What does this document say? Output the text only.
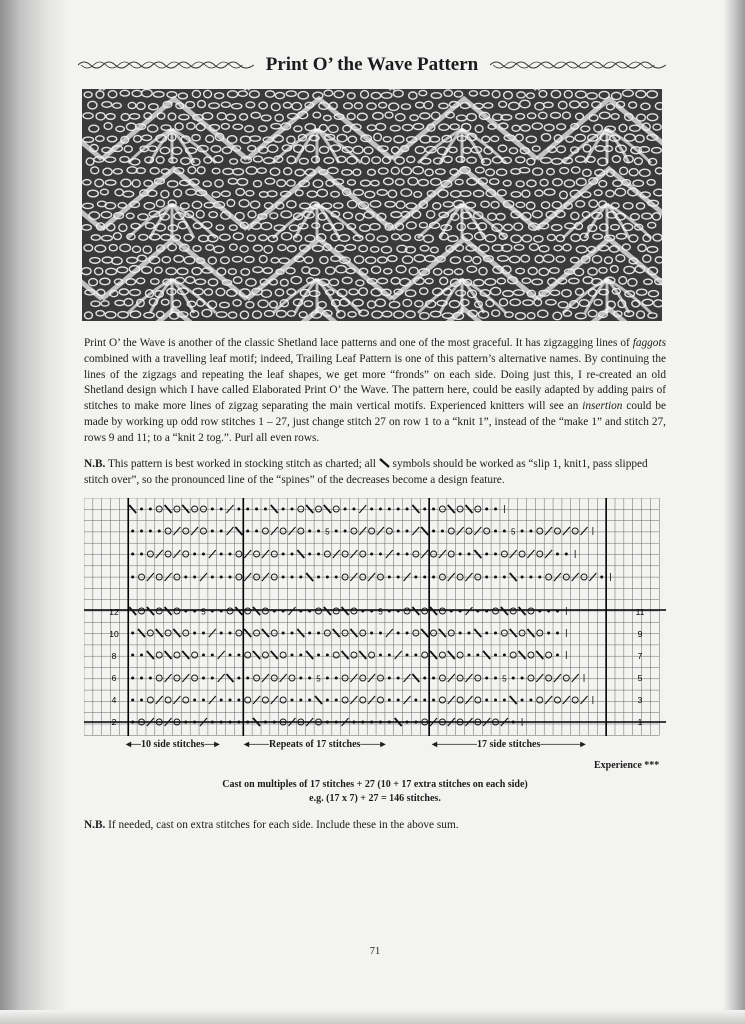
Print O’ the Wave Pattern
Print O’ the Wave is another of the classic Shetland lace patterns and one of the most graceful. It has zigzagging lines of faggots combined with a travelling leaf motif; indeed, Trailing Leaf Pattern is one of this pattern’s alternative names. By continuing the lines of the zigzags and repeating the leaf shapes, we get more “fronds” on each side. Doing just this, I re-created an old Shetland design which I have called Elaborated Print O’ the Wave. The pattern here, could be easily adapted by adding pairs of stitches to make more lines of zigzag separating the main vertical motifs. Experienced knitters will see an insertion could be made by working up odd row stitches 1 – 27, just change stitch 27 on row 1 to a “knit 1”, instead of the “make 1” and stitch 27, rows 9 and 11; to a “knit 2 tog.”. Purl all even rows.
N.B. This pattern is best worked in stocking stitch as charted; all  symbols should be worked as “slip 1, knit1, pass slipped stitch over”, so the pronounced line of the “spines” of the decreases become a design feature.
5	5
5	5
5	5
12
10
8
6
4
2
11
9
7
5
3
1
◂—10 side stitches—▸	◂——Repeats of 17 stitches——▸	◂————17 side stitches————▸
Experience ***
Cast on multiples of 17 stitches + 27 (10 + 17 extra stitches on each side)
e.g. (17 x 7) + 27 = 146 stitches.
N.B. If needed, cast on extra stitches for each side. Include these in the above sum.
71
